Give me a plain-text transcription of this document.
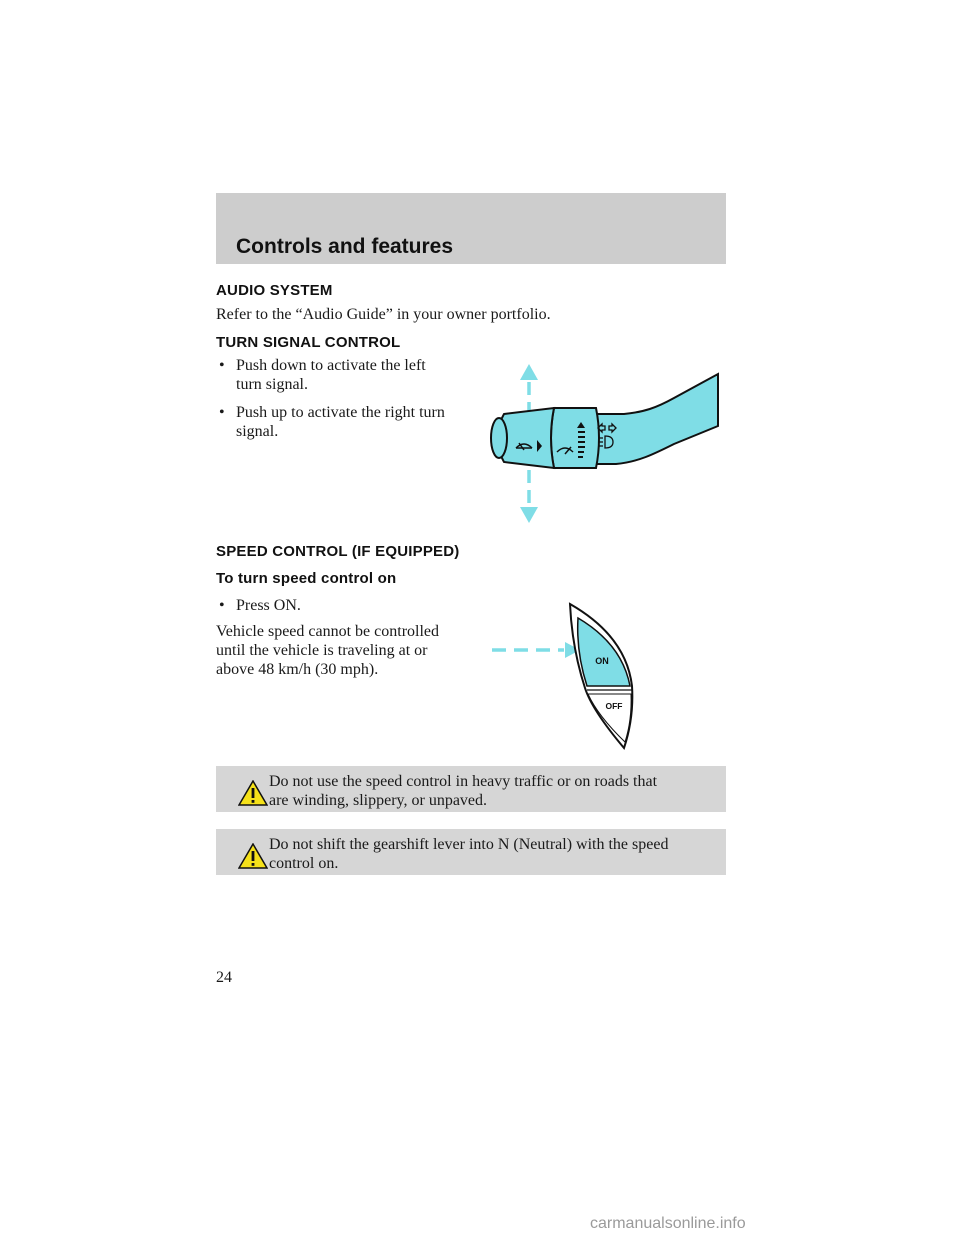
Controls and features
AUDIO SYSTEM

Refer to the “Audio Guide” in your owner portfolio.

TURN SIGNAL CONTROL
• Push down to activate the left
turn signal.
• Push up to activate the right turn
signal.
SPEED CONTROL (IF EQUIPPED)
To turn speed control on
• Press ON.

Vehicle speed cannot be controlled
until the vehicle is traveling at or
above 48 km/h (30 mph).	ON
OFF

Do not use the speed control in heavy traffic or on roads that
are winding, slippery, or unpaved.

Do not shift the gearshift lever into N (Neutral) with the speed
control on.

24

carmanualsonline.info
